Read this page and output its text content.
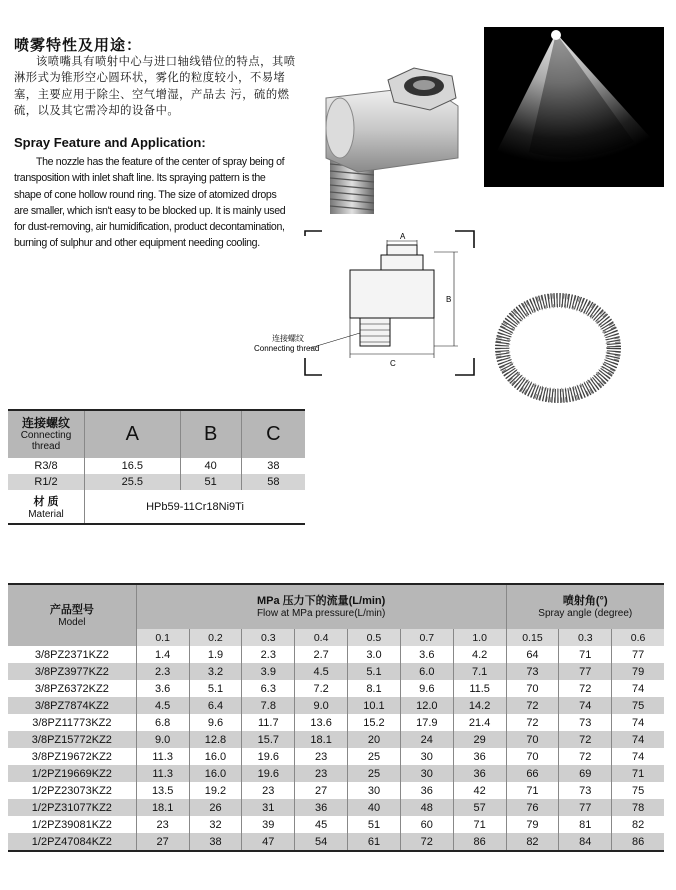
喷雾特性及用途：
该喷嘴具有喷射中心与进口轴线错位的特点，其喷淋形式为锥形空心圆环状，雾化的粒度较小，不易堵塞，主要应用于除尘、空气增湿，产品去 污，硫的燃硫，以及其它需冷却的设备中。
Spray Feature and Application:
The nozzle has the feature of the center of spray being of transposition with inlet shaft line. Its spraying pattern is the shape of cone hollow round ring. The size of atomized drops are smaller, which isn't easy to be blocked up. It is mainly used for dust-removing, air humidification, product decontamination, burning of sulphur and other equipment needing cooling.
A
B
C
连接螺纹
Connecting thread
连接螺纹
Connecting thread	A	B	C
R3/8	16.5	40	38
R1/2	25.5	51	58

材 质
Material	HPb59-11Cr18Ni9Ti		
产品型号
Model	MPa 压力下的流量(L/min)
Flow at MPa pressure(L/min)							喷射角(°)
Spray angle (degree)		

	0.1	0.2	0.3	0.4	0.5	0.7	1.0	0.15	0.3	0.6
3/8PZ2371KZ2	1.4	1.9	2.3	2.7	3.0	3.6	4.2	64	71	77
3/8PZ3977KZ2	2.3	3.2	3.9	4.5	5.1	6.0	7.1	73	77	79
3/8PZ6372KZ2	3.6	5.1	6.3	7.2	8.1	9.6	11.5	70	72	74
3/8PZ7874KZ2	4.5	6.4	7.8	9.0	10.1	12.0	14.2	72	74	75
3/8PZ11773KZ2	6.8	9.6	11.7	13.6	15.2	17.9	21.4	72	73	74
3/8PZ15772KZ2	9.0	12.8	15.7	18.1	20	24	29	70	72	74
3/8PZ19672KZ2	11.3	16.0	19.6	23	25	30	36	70	72	74
1/2PZ19669KZ2	11.3	16.0	19.6	23	25	30	36	66	69	71
1/2PZ23073KZ2	13.5	19.2	23	27	30	36	42	71	73	75
1/2PZ31077KZ2	18.1	26	31	36	40	48	57	76	77	78
1/2PZ39081KZ2	23	32	39	45	51	60	71	79	81	82
1/2PZ47084KZ2	27	38	47	54	61	72	86	82	84	86
